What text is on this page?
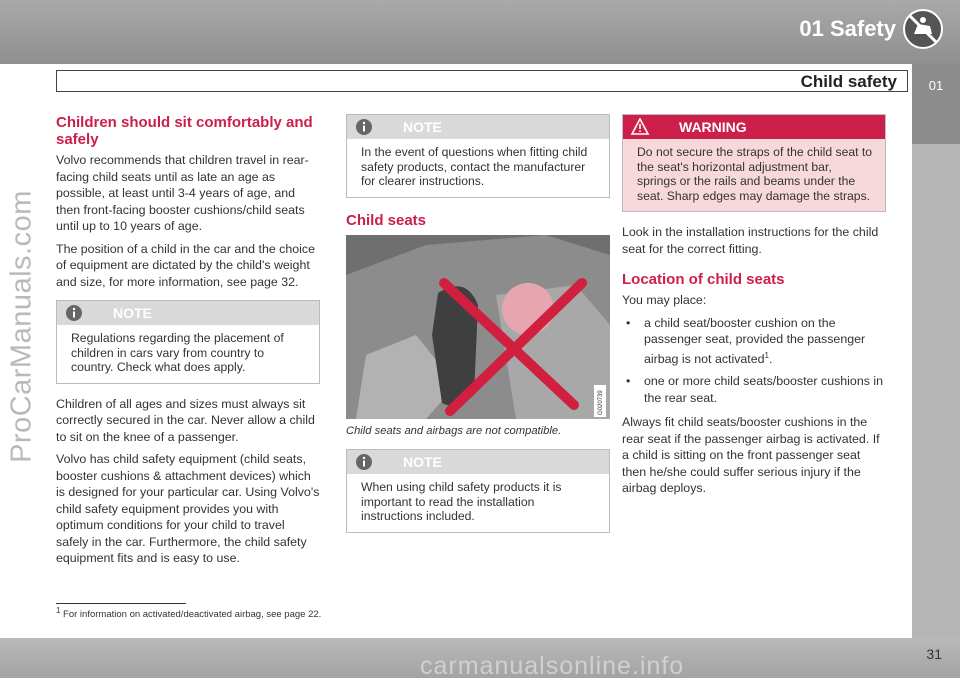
01 Safety
Child safety	01
ProCarManuals.com
Children should sit comfortably and safely

Volvo recommends that children travel in rear-facing child seats until as late an age as possible, at least until 3-4 years of age, and then front-facing booster cushions/child seats until up to 10 years of age.

The position of a child in the car and the choice of equipment are dictated by the child's weight and size, for more information, see page 32.

NOTE
Regulations regarding the placement of children in cars vary from country to country. Check what does apply.

Children of all ages and sizes must always sit correctly secured in the car. Never allow a child to sit on the knee of a passenger.

Volvo has child safety equipment (child seats, booster cushions & attachment devices) which is designed for your particular car. Using Volvo's child safety equipment provides you with optimum conditions for your child to travel safely in the car. Furthermore, the child safety equipment fits and is easy to use.

NOTE
In the event of questions when fitting child safety products, contact the manufacturer for clearer instructions.
Child seats
G020739

Child seats and airbags are not compatible.

NOTE
When using child safety products it is important to read the installation instructions included.
WARNING
Do not secure the straps of the child seat to the seat's horizontal adjustment bar, springs or the rails and beams under the seat. Sharp edges may damage the straps.

Look in the installation instructions for the child seat for the correct fitting.

Location of child seats

You may place:

• a child seat/booster cushion on the passenger seat, provided the passenger airbag is not activated$^1$.
• one or more child seats/booster cushions in the rear seat.

Always fit child seats/booster cushions in the rear seat if the passenger airbag is activated. If a child is sitting on the front passenger seat then he/she could suffer serious injury if the airbag deploys.

$^1$ For information on activated/deactivated airbag, see page 22.
31
carmanualsonline.info
